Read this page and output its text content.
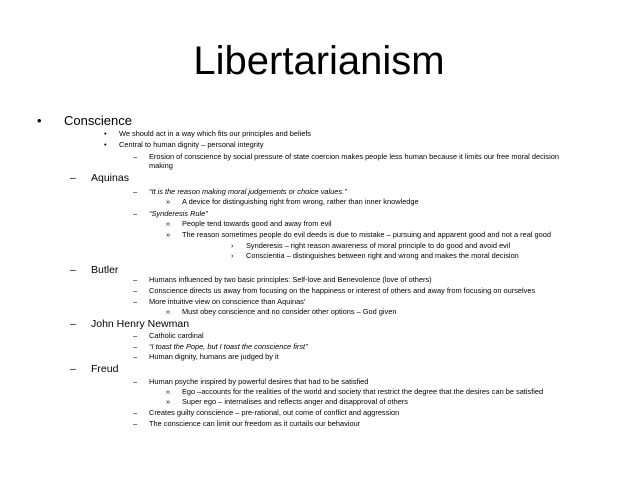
Libertarianism
• Conscience
• We should act in a way which fits our principles and beliefs
• Central to human dignity – personal integrity
– Erosion of conscience by social pressure of state coercion makes people less human because it limits our free moral decision
making
– Aquinas
– “It is the reason making moral judgements or choice values.”
» A device for distinguishing right from wrong, rather than inner knowledge
– “Synderesis Rule”
» People tend towards good and away from evil
» The reason sometimes people do evil deeds is due to mistake – pursuing and apparent good and not a real good
› Synderesis – right reason awareness of moral principle to do good and avoid evil
› Conscientia – distinguishes between right and wrong and makes the moral decision
– Butler
– Humans influenced by two basic principles: Self-love and Benevolence (love of others)
– Conscience directs us away from focusing on the happiness or interest of others and away from focusing on ourselves
– More intuitive view on conscience than Aquinas’
» Must obey conscience and no consider other options – God given
– John Henry Newman
– Catholic cardinal
– “I toast the Pope, but I toast the conscience first”
– Human dignity, humans are judged by it
– Freud
– Human psyche inspired by powerful desires that had to be satisfied
» Ego –accounts for the realities of the world and society that restrict the degree that the desires can be satisfied
» Super ego – internalises and reflects anger and disapproval of others
– Creates guilty conscience – pre-rational, out come of conflict and aggression
– The conscience can limit our freedom as it curtails our behaviour
